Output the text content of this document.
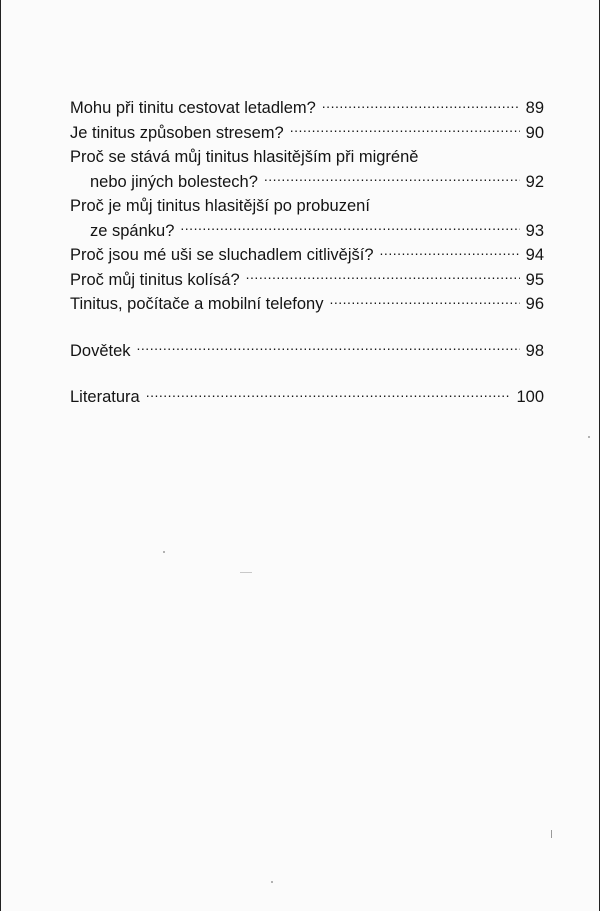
Mohu při tinitu cestovat letadlem? .....	89
Je tinitus způsoben stresem? .....	90
Proč se stává můj tinitus hlasitějším při migréně
nebo jiných bolestech? .....	92
Proč je můj tinitus hlasitější po probuzení
ze spánku? .....	93
Proč jsou mé uši se sluchadlem citlivější? .....	94
Proč můj tinitus kolísá? .....	95
Tinitus, počítače a mobilní telefony .....	96
Dovětek .....	98
Literatura .....	100
